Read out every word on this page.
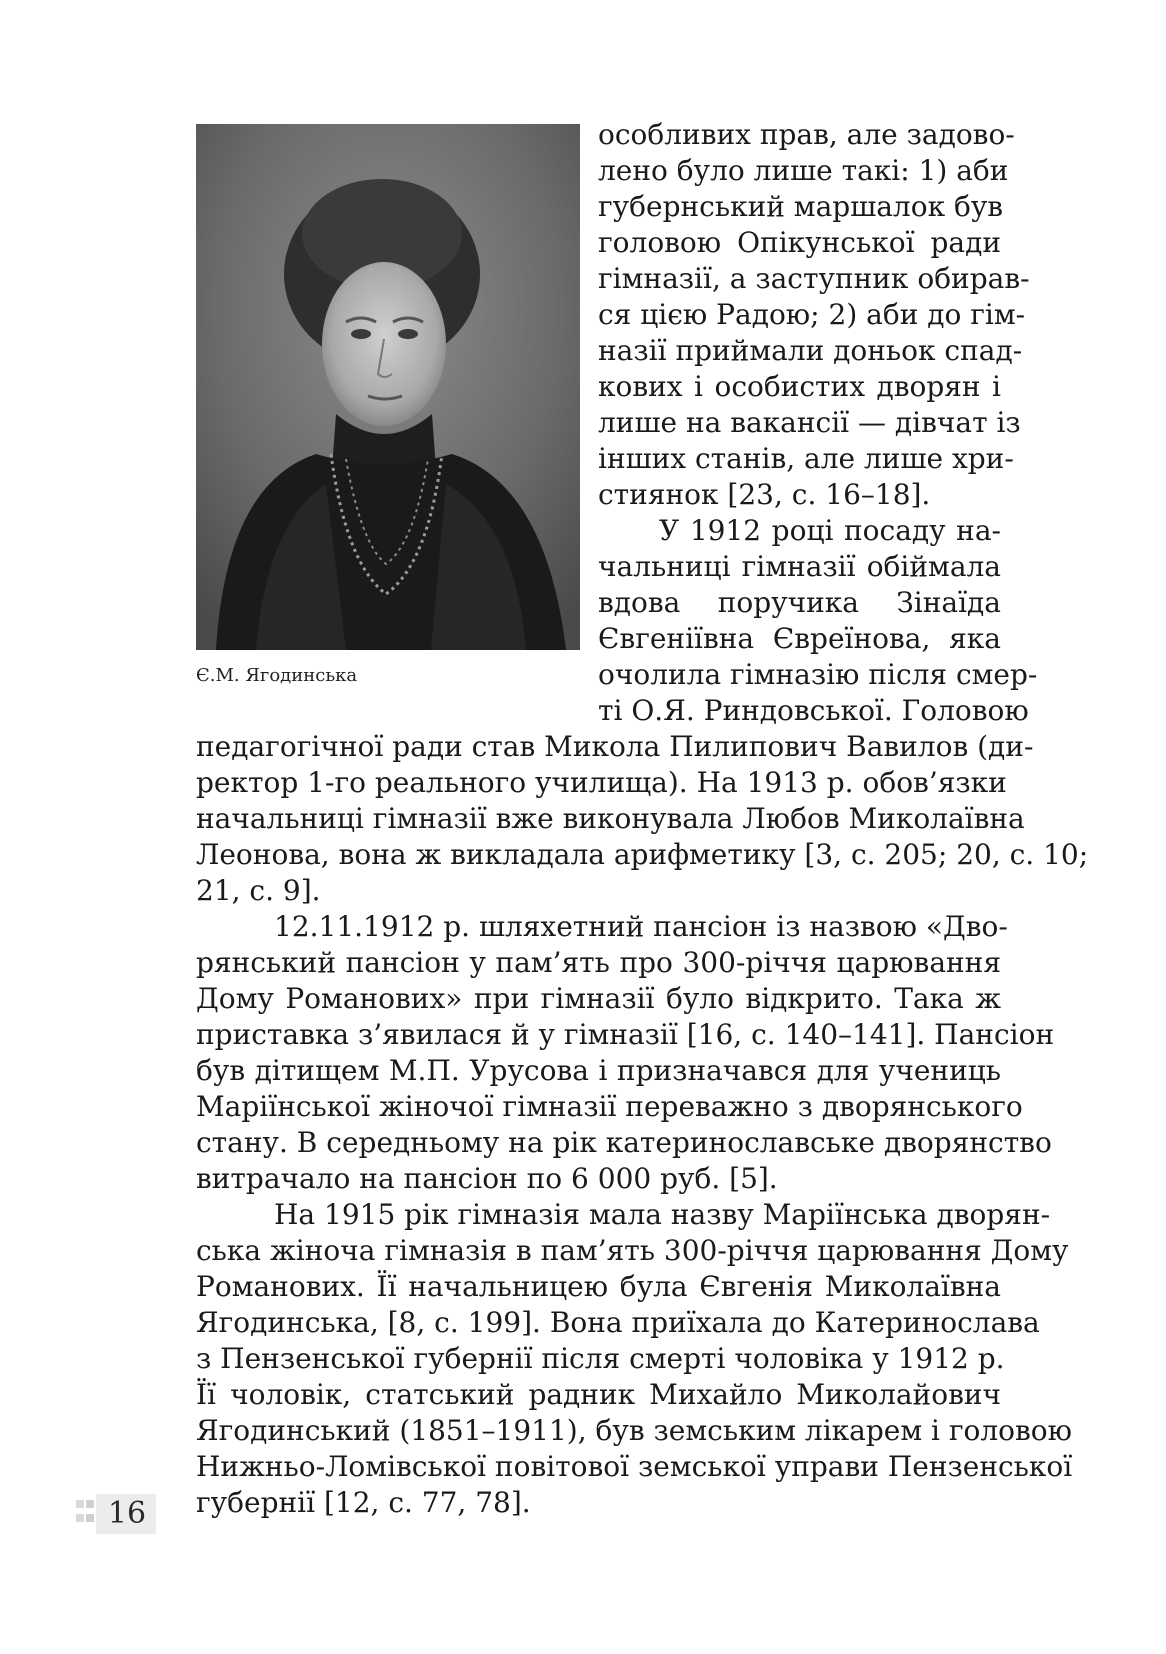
Є.М. Ягодинська
особливих прав, але задово-
лено було лише такі: 1) аби
губернський маршалок був
головою Опікунської ради
гімназії, а заступник обирав-
ся цією Радою; 2) аби до гім-
назії приймали доньок спад-
кових і особистих дворян і
лише на вакансії — дівчат із
інших станів, але лише хри-
стиянок [23, с. 16–18].
У 1912 році посаду на-
чальниці гімназії обіймала
вдова поручика Зінаїда
Євгеніївна Євреїнова, яка
очолила гімназію після смер-
ті О.Я. Риндовської. Головою
педагогічної ради став Микола Пилипович Вавилов (ди-
ректор 1-го реального училища). На 1913 р. обов’язки
начальниці гімназії вже виконувала Любов Миколаївна
Леонова, вона ж викладала арифметику [3, с. 205; 20, с. 10;
21, с. 9].
12.11.1912 р. шляхетний пансіон із назвою «Дво-
рянський пансіон у пам’ять про 300-річчя царювання
Дому Романових» при гімназії було відкрито. Така ж
приставка з’явилася й у гімназії [16, с. 140–141]. Пансіон
був дітищем М.П. Урусова і призначався для учениць
Маріїнської жіночої гімназії переважно з дворянського
стану. В середньому на рік катеринославське дворянство
витрачало на пансіон по 6 000 руб. [5].
На 1915 рік гімназія мала назву Маріїнська дворян-
ська жіноча гімназія в пам’ять 300-річчя царювання Дому
Романових. Її начальницею була Євгенія Миколаївна
Ягодинська, [8, с. 199]. Вона приїхала до Катеринослава
з Пензенської губернії після смерті чоловіка у 1912 р.
Її чоловік, статський радник Михайло Миколайович
Ягодинський (1851–1911), був земським лікарем і головою
Нижньо-Ломівської повітової земської управи Пензенської
губернії [12, с. 77, 78].
16
